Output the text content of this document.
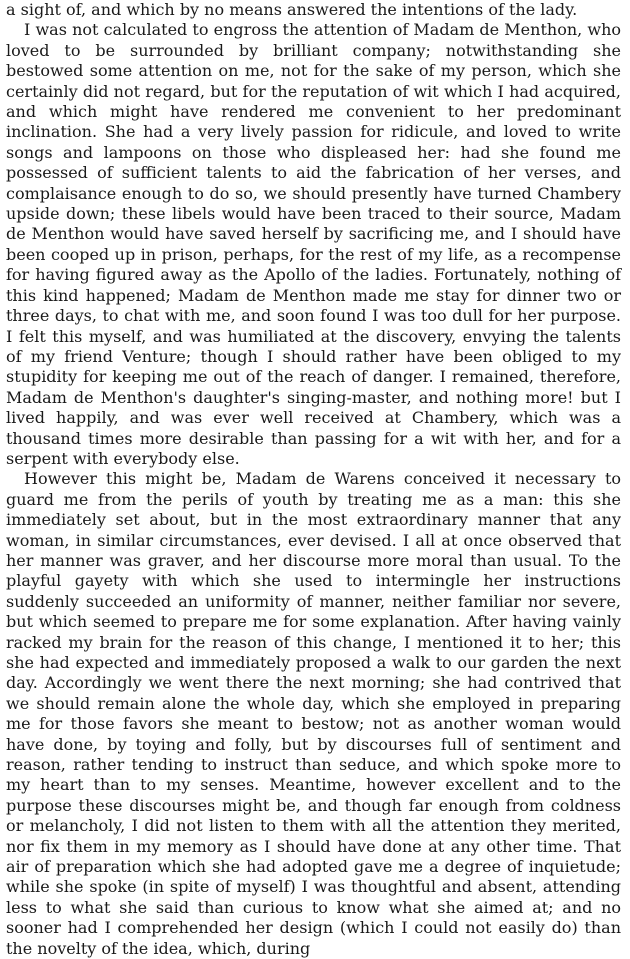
a sight of, and which by no means answered the intentions of the lady.

I was not calculated to engross the attention of Madam de Menthon, who loved to be surrounded by brilliant company; notwithstanding she bestowed some attention on me, not for the sake of my person, which she certainly did not regard, but for the reputation of wit which I had acquired, and which might have rendered me convenient to her predominant inclination. She had a very lively passion for ridicule, and loved to write songs and lampoons on those who displeased her: had she found me possessed of sufficient talents to aid the fabrication of her verses, and complaisance enough to do so, we should presently have turned Chambery upside down; these libels would have been traced to their source, Madam de Menthon would have saved herself by sacrificing me, and I should have been cooped up in prison, perhaps, for the rest of my life, as a recompense for having figured away as the Apollo of the ladies. Fortunately, nothing of this kind happened; Madam de Menthon made me stay for dinner two or three days, to chat with me, and soon found I was too dull for her purpose. I felt this myself, and was humiliated at the discovery, envying the talents of my friend Venture; though I should rather have been obliged to my stupidity for keeping me out of the reach of danger. I remained, therefore, Madam de Menthon's daughter's singing-master, and nothing more! but I lived happily, and was ever well received at Chambery, which was a thousand times more desirable than passing for a wit with her, and for a serpent with everybody else.

However this might be, Madam de Warens conceived it necessary to guard me from the perils of youth by treating me as a man: this she immediately set about, but in the most extraordinary manner that any woman, in similar circumstances, ever devised. I all at once observed that her manner was graver, and her discourse more moral than usual. To the playful gayety with which she used to intermingle her instructions suddenly succeeded an uniformity of manner, neither familiar nor severe, but which seemed to prepare me for some explanation. After having vainly racked my brain for the reason of this change, I mentioned it to her; this she had expected and immediately proposed a walk to our garden the next day. Accordingly we went there the next morning; she had contrived that we should remain alone the whole day, which she employed in preparing me for those favors she meant to bestow; not as another woman would have done, by toying and folly, but by discourses full of sentiment and reason, rather tending to instruct than seduce, and which spoke more to my heart than to my senses. Meantime, however excellent and to the purpose these discourses might be, and though far enough from coldness or melancholy, I did not listen to them with all the attention they merited, nor fix them in my memory as I should have done at any other time. That air of preparation which she had adopted gave me a degree of inquietude; while she spoke (in spite of myself) I was thoughtful and absent, attending less to what she said than curious to know what she aimed at; and no sooner had I comprehended her design (which I could not easily do) than the novelty of the idea, which, during
